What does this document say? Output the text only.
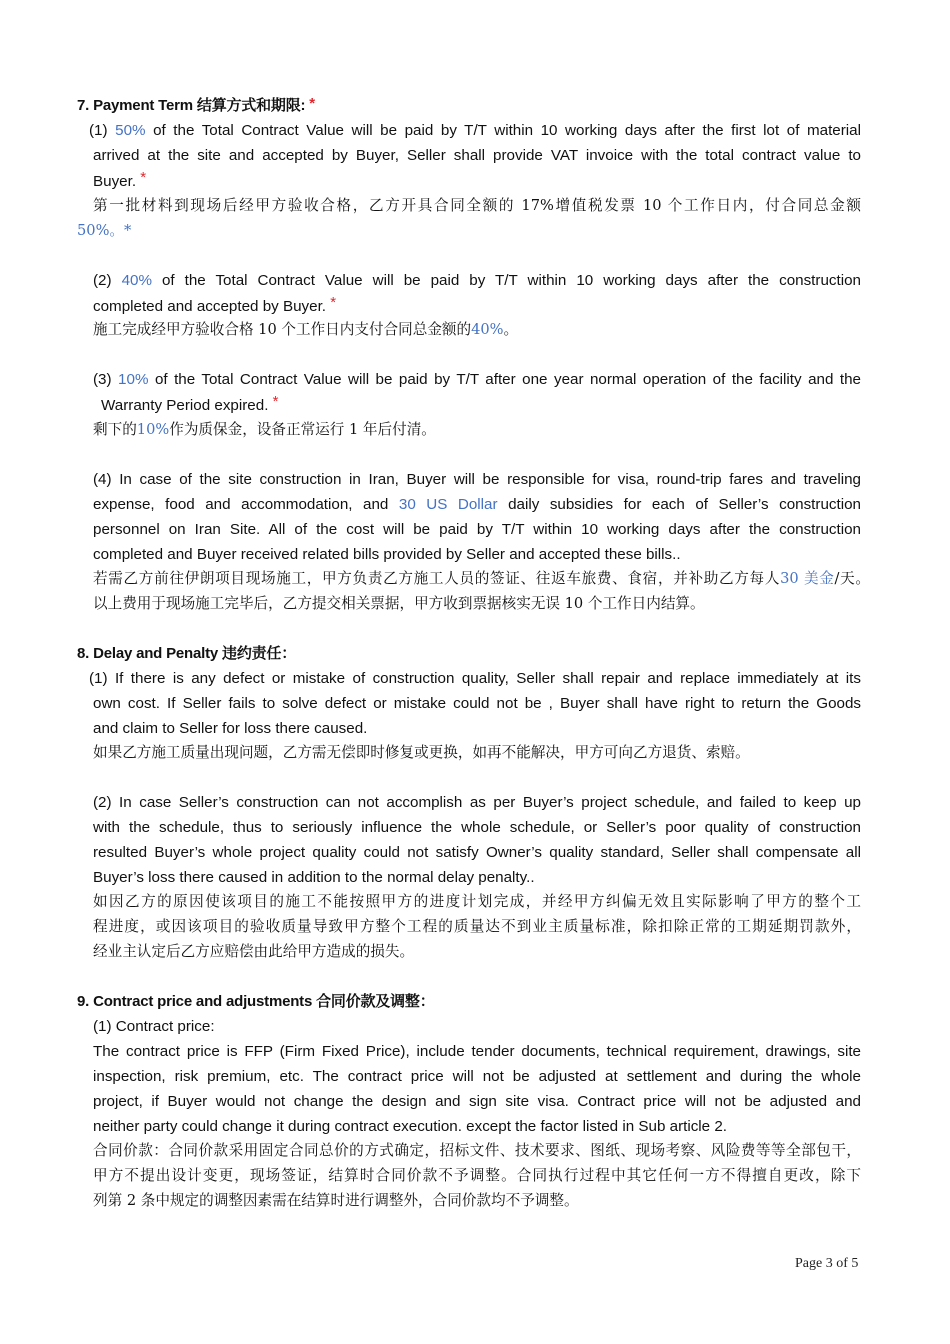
7. Payment Term 结算方式和期限: *
(1) 50% of the Total Contract Value will be paid by T/T within 10 working days after the first lot of material
arrived at the site and accepted by Buyer, Seller shall provide VAT invoice with the total contract value to
Buyer. *
第一批材料到现场后经甲方验收合格，乙方开具合同全额的 17%增值税发票 10 个工作日内，付合同总金额
50%。*
(2) 40% of the Total Contract Value will be paid by T/T within 10 working days after the construction
completed and accepted by Buyer. *
施工完成经甲方验收合格 10 个工作日内支付合同总金额的40%。
(3) 10% of the Total Contract Value will be paid by T/T after one year normal operation of the facility and the
Warranty Period expired. *
剩下的10%作为质保金，设备正常运行 1 年后付清。
(4) In case of the site construction in Iran, Buyer will be responsible for visa, round-trip fares and traveling
expense, food and accommodation, and 30 US Dollar daily subsidies for each of Seller’s construction
personnel on Iran Site. All of the cost will be paid by T/T within 10 working days after the construction
completed and Buyer received related bills provided by Seller and accepted these bills..
若需乙方前往伊朗项目现场施工，甲方负责乙方施工人员的签证、往返车旅费、食宿，并补助乙方每人30 美金/天。
以上费用于现场施工完毕后，乙方提交相关票据，甲方收到票据核实无误 10 个工作日内结算。
8. Delay and Penalty 违约责任：
(1) If there is any defect or mistake of construction quality, Seller shall repair and replace immediately at its
own cost. If Seller fails to solve defect or mistake could not be , Buyer shall have right to return the Goods
and claim to Seller for loss there caused.
如果乙方施工质量出现问题，乙方需无偿即时修复或更换，如再不能解决，甲方可向乙方退货、索赔。
(2) In case Seller’s construction can not accomplish as per Buyer’s project schedule, and failed to keep up
with the schedule, thus to seriously influence the whole schedule, or Seller’s poor quality of construction
resulted Buyer’s whole project quality could not satisfy Owner’s quality standard, Seller shall compensate all
Buyer’s loss there caused in addition to the normal delay penalty..
如因乙方的原因使该项目的施工不能按照甲方的进度计划完成，并经甲方纠偏无效且实际影响了甲方的整个工
程进度，或因该项目的验收质量导致甲方整个工程的质量达不到业主质量标准，除扣除正常的工期延期罚款外，
经业主认定后乙方应赔偿由此给甲方造成的损失。
9. Contract price and adjustments 合同价款及调整：
(1) Contract price:
The contract price is FFP (Firm Fixed Price), include tender documents, technical requirement, drawings, site
inspection, risk premium, etc. The contract price will not be adjusted at settlement and during the whole
project, if Buyer would not change the design and sign site visa. Contract price will not be adjusted and
neither party could change it during contract execution. except the factor listed in Sub article 2.
合同价款：合同价款采用固定合同总价的方式确定，招标文件、技术要求、图纸、现场考察、风险费等等全部包干，
甲方不提出设计变更，现场签证，结算时合同价款不予调整。合同执行过程中其它任何一方不得擅自更改，除下
列第 2 条中规定的调整因素需在结算时进行调整外，合同价款均不予调整。
Page 3 of 5
